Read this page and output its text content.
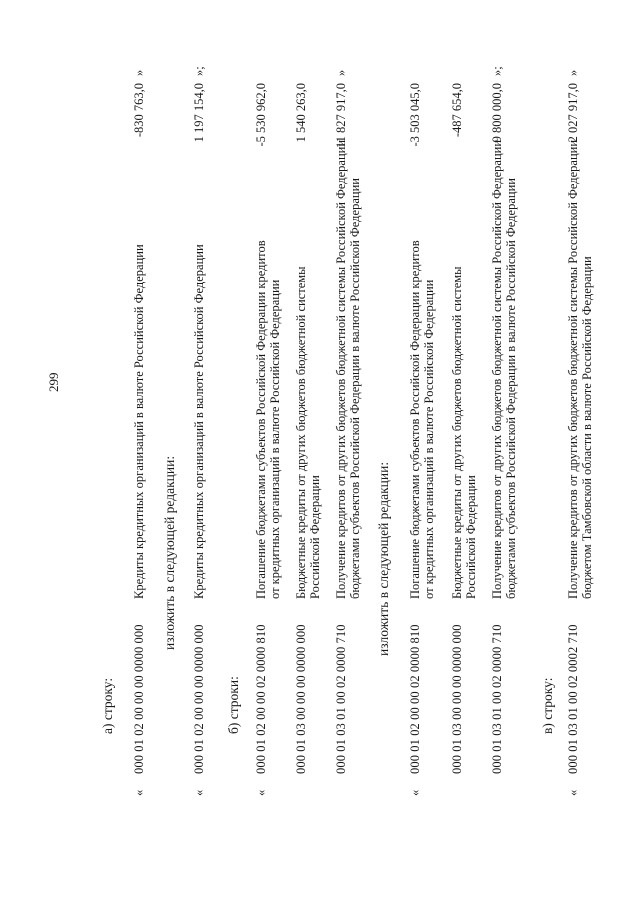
299
а) строку:
«
000 01 02 00 00 00 0000 000
Кредиты кредитных организаций в валюте Российской Федерации
-830 763,0
»
изложить в следующей редакции:
«
000 01 02 00 00 00 0000 000
Кредиты кредитных организаций в валюте Российской Федерации
1 197 154,0
»;
б) строки:
«
000 01 02 00 00 02 0000 810
Погашение бюджетами субъектов Российской Федерации кредитов от кредитных организаций в валюте Российской Федерации
-5 530 962,0
000 01 03 00 00 00 0000 000
Бюджетные кредиты от других бюджетов бюджетной системы Российской Федерации
1 540 263,0
000 01 03 01 00 02 0000 710
Получение кредитов от других бюджетов бюджетной системы Российской Федерации бюджетами субъектов Российской Федерации в валюте Российской Федерации
11 827 917,0
»
изложить в следующей редакции:
«
000 01 02 00 00 02 0000 810
Погашение бюджетами субъектов Российской Федерации кредитов от кредитных организаций в валюте Российской Федерации
-3 503 045,0
000 01 03 00 00 00 0000 000
Бюджетные кредиты от других бюджетов бюджетной системы Российской Федерации
-487 654,0
000 01 03 01 00 02 0000 710
Получение кредитов от других бюджетов бюджетной системы Российской Федерации бюджетами субъектов Российской Федерации в валюте Российской Федерации
9 800 000,0
»;
в) строку:
«
000 01 03 01 00 02 0002 710
Получение кредитов от других бюджетов бюджетной системы Российской Федерации бюджетом Тамбовской области в валюте Российской Федерации
2 027 917,0
»
